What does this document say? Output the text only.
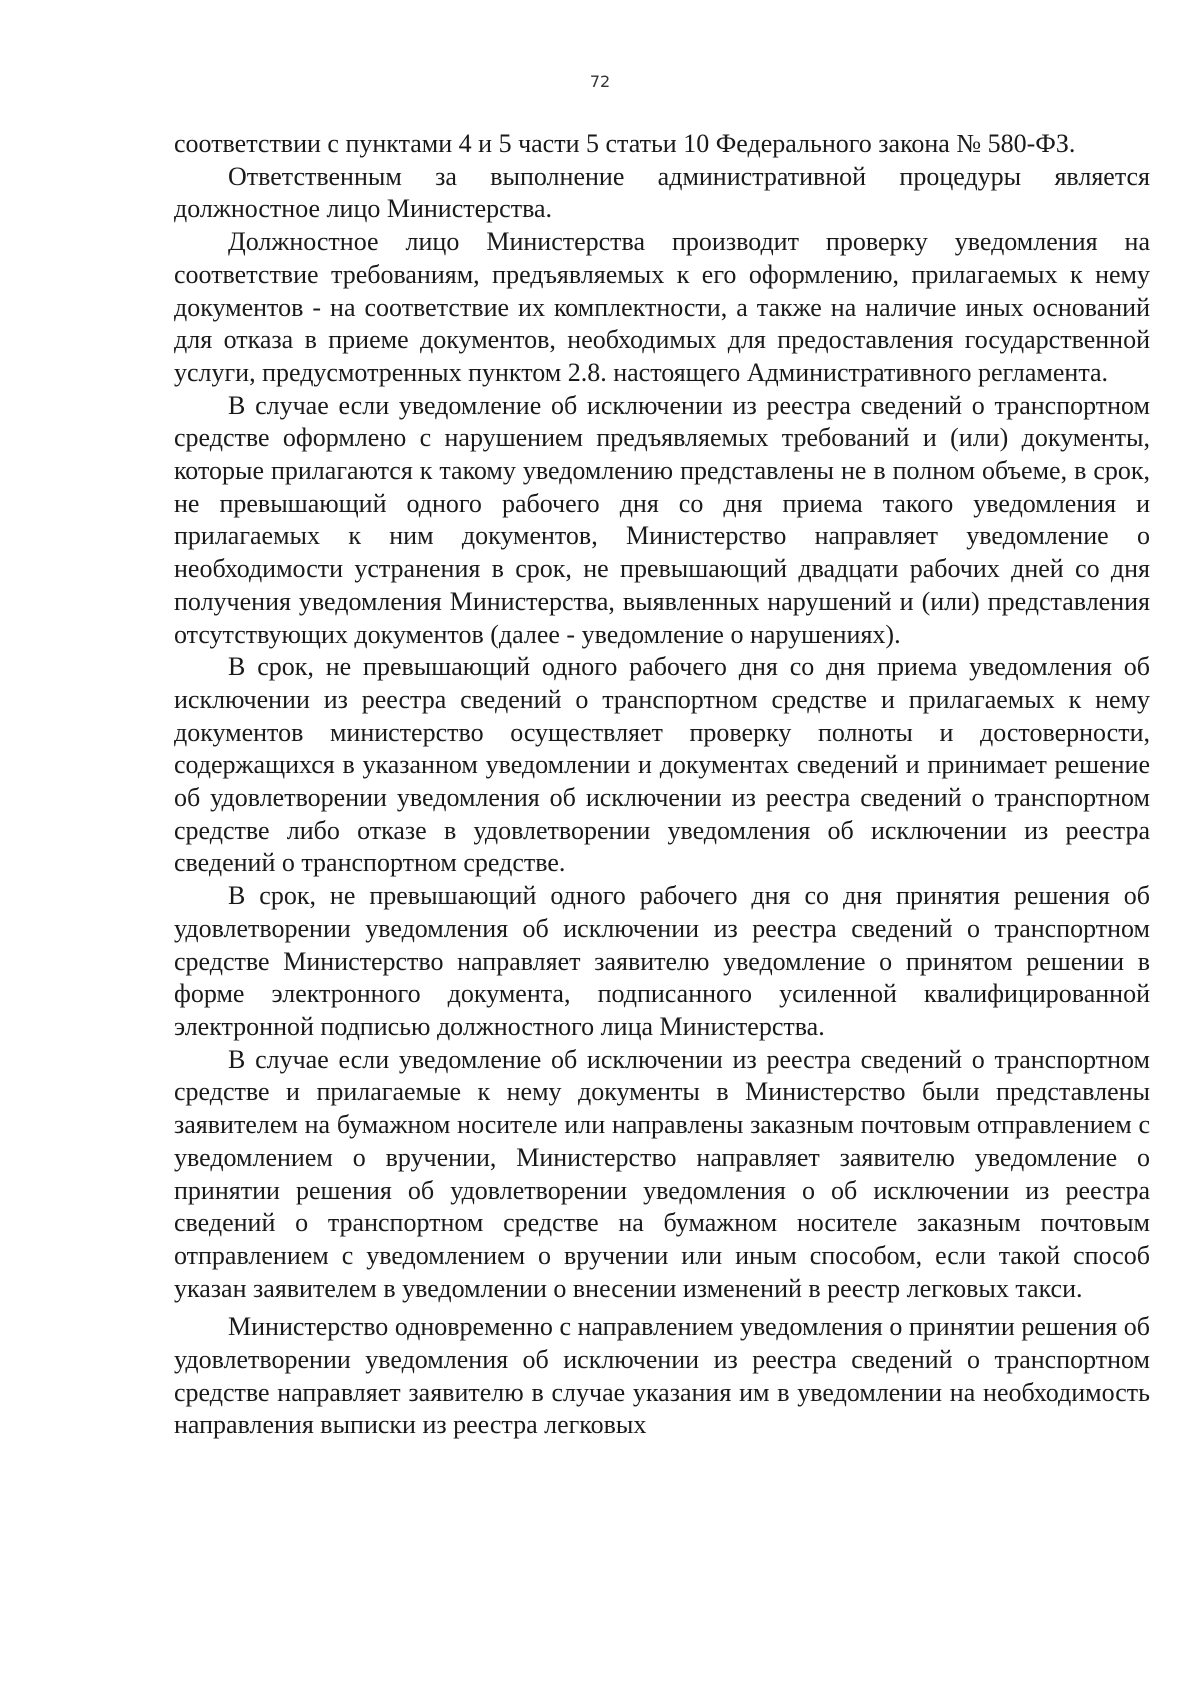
72

соответствии с пунктами 4 и 5 части 5 статьи 10 Федерального закона № 580-ФЗ.

Ответственным за выполнение административной процедуры является должностное лицо Министерства.

Должностное лицо Министерства производит проверку уведомления на соответствие требованиям, предъявляемых к его оформлению, прилагаемых к нему документов - на соответствие их комплектности, а также на наличие иных оснований для отказа в приеме документов, необходимых для предоставления государственной услуги, предусмотренных пунктом 2.8. настоящего Административного регламента.

В случае если уведомление об исключении из реестра сведений о транспортном средстве оформлено с нарушением предъявляемых требований и (или) документы, которые прилагаются к такому уведомлению представлены не в полном объеме, в срок, не превышающий одного рабочего дня со дня приема такого уведомления и прилагаемых к ним документов, Министерство направляет уведомление о необходимости устранения в срок, не превышающий двадцати рабочих дней со дня получения уведомления Министерства, выявленных нарушений и (или) представления отсутствующих документов (далее - уведомление о нарушениях).

В срок, не превышающий одного рабочего дня со дня приема уведомления об исключении из реестра сведений о транспортном средстве и прилагаемых к нему документов министерство осуществляет проверку полноты и достоверности, содержащихся в указанном уведомлении и документах сведений и принимает решение об удовлетворении уведомления об исключении из реестра сведений о транспортном средстве либо отказе в удовлетворении уведомления об исключении из реестра сведений о транспортном средстве.

В срок, не превышающий одного рабочего дня со дня принятия решения об удовлетворении уведомления об исключении из реестра сведений о транспортном средстве Министерство направляет заявителю уведомление о принятом решении в форме электронного документа, подписанного усиленной квалифицированной электронной подписью должностного лица Министерства.

В случае если уведомление об исключении из реестра сведений о транспортном средстве и прилагаемые к нему документы в Министерство были представлены заявителем на бумажном носителе или направлены заказным почтовым отправлением с уведомлением о вручении, Министерство направляет заявителю уведомление о принятии решения об удовлетворении уведомления о об исключении из реестра сведений о транспортном средстве на бумажном носителе заказным почтовым отправлением с уведомлением о вручении или иным способом, если такой способ указан заявителем в уведомлении о внесении изменений в реестр легковых такси.

Министерство одновременно с направлением уведомления о принятии решения об удовлетворении уведомления об исключении из реестра сведений о транспортном средстве направляет заявителю в случае указания им в уведомлении на необходимость направления выписки из реестра легковых
